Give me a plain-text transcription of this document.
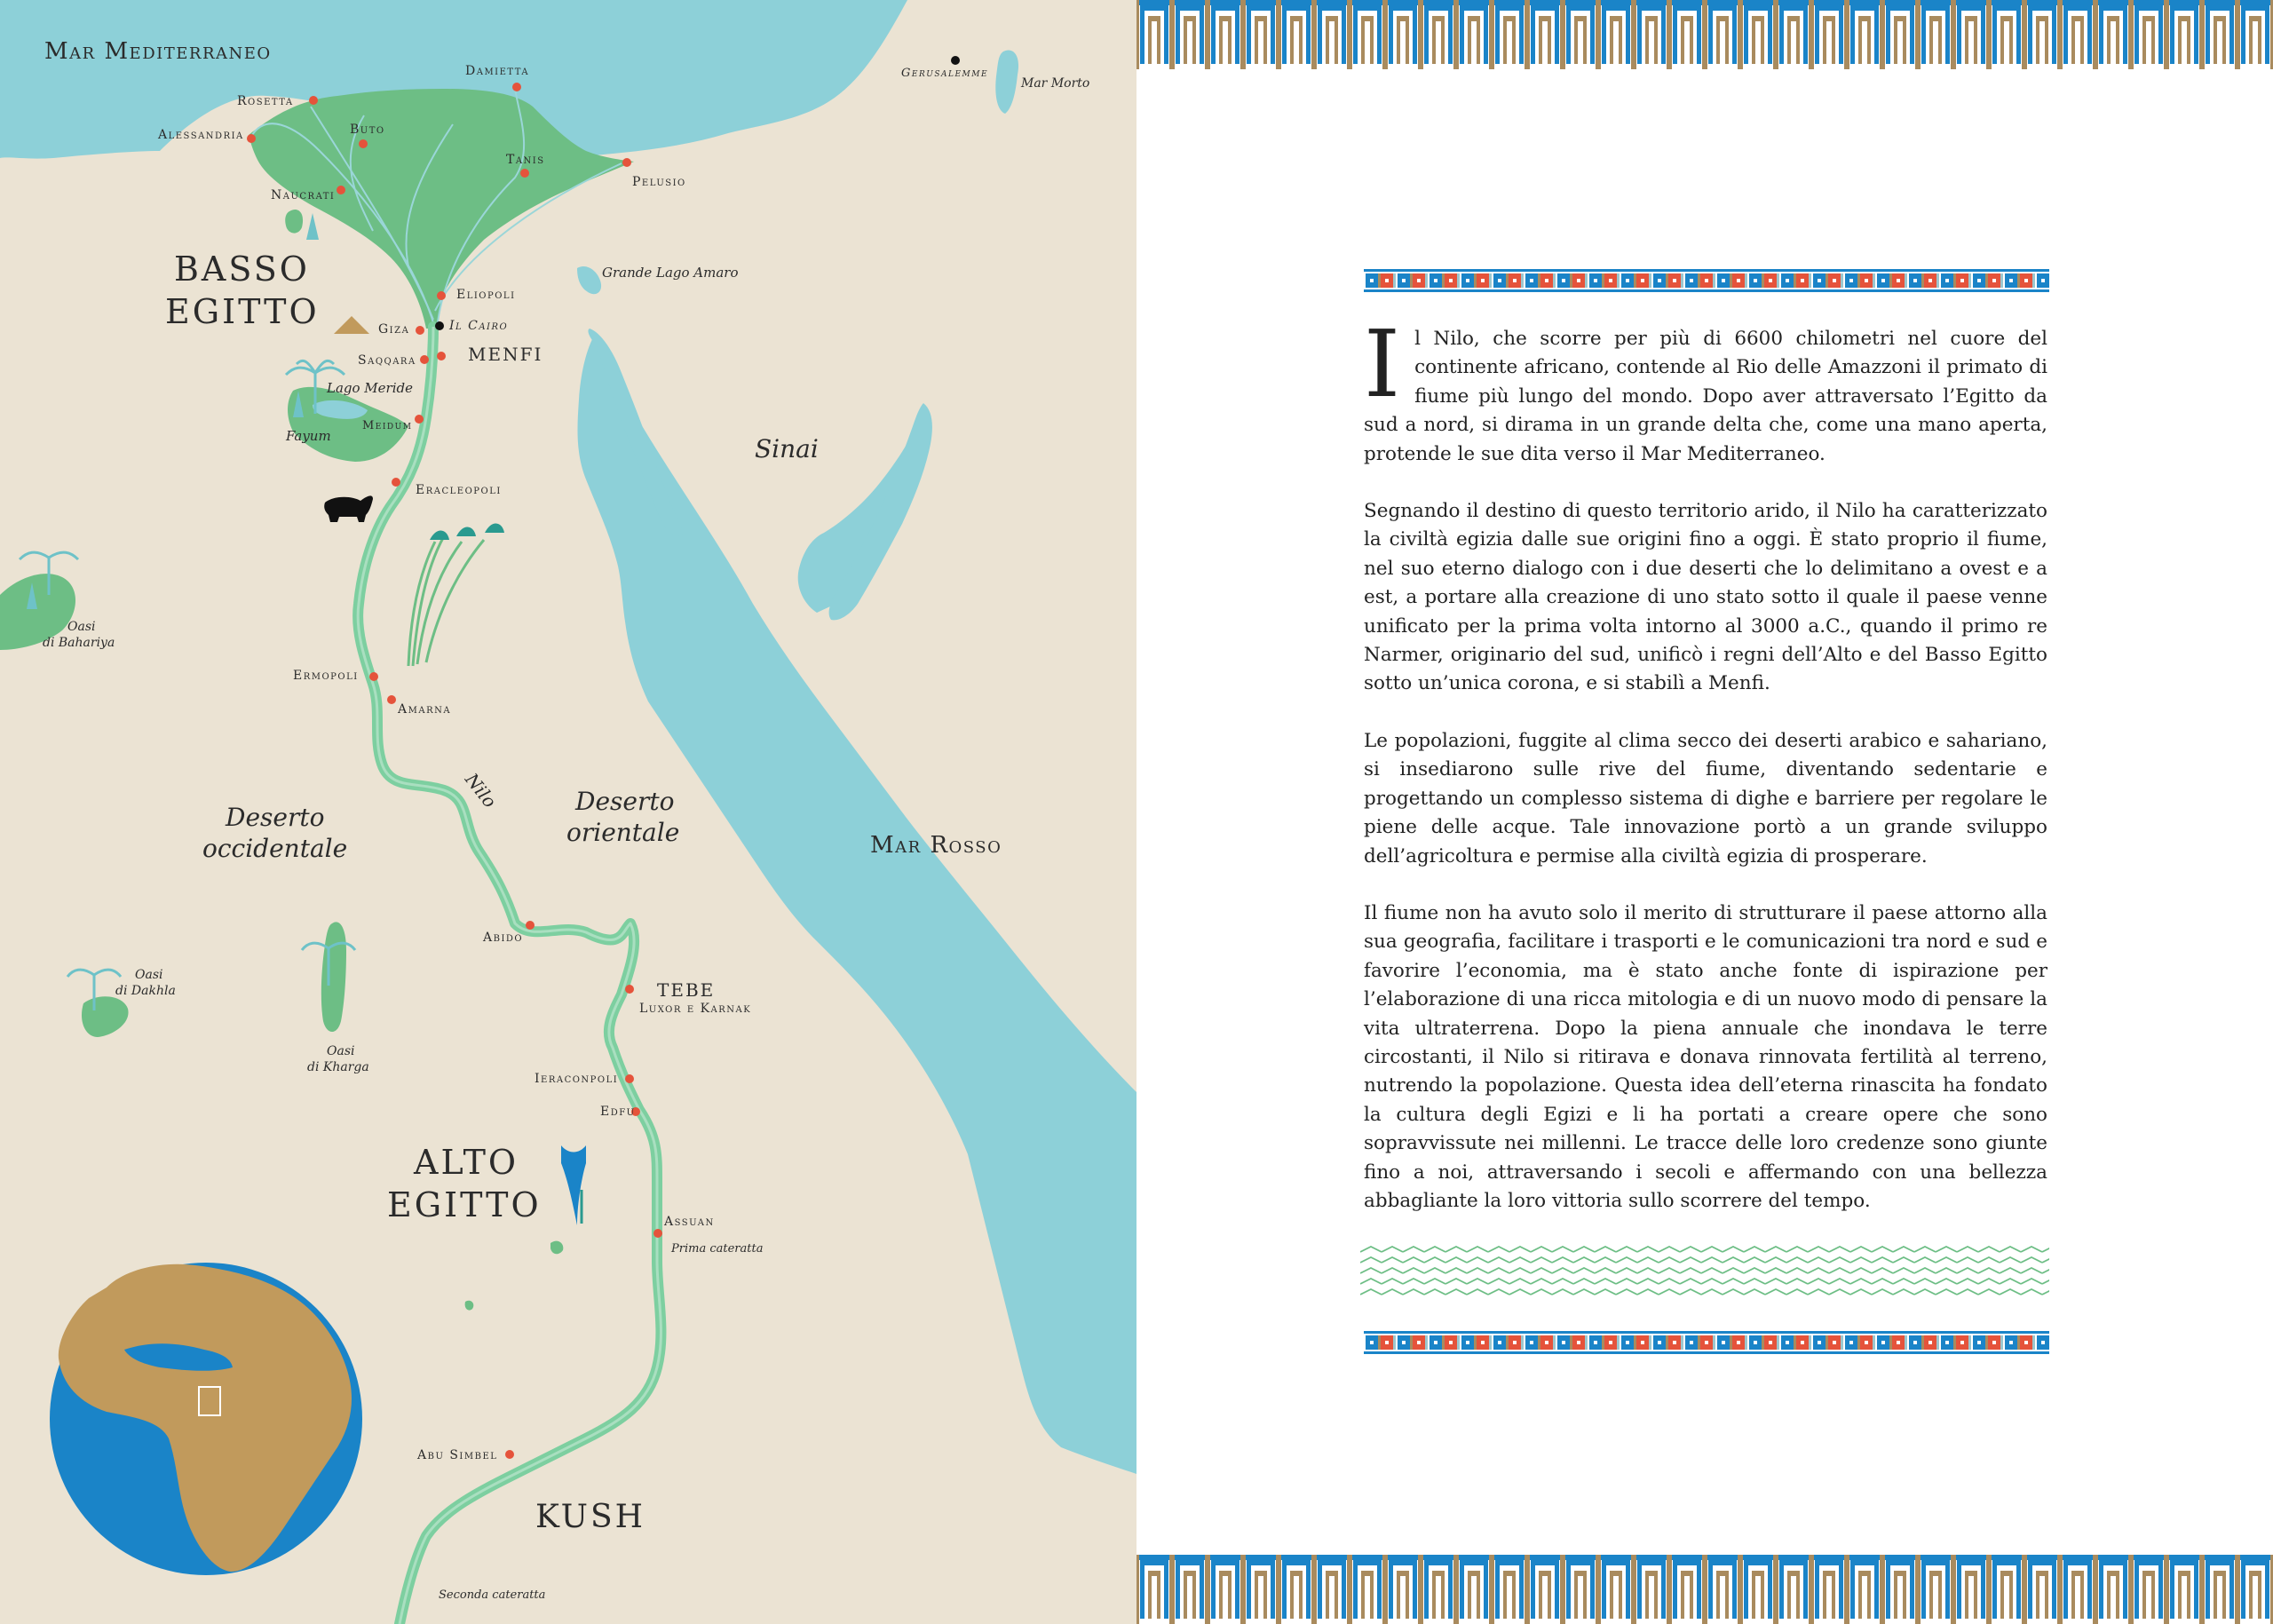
Mar Mediterraneo
Mar Rosso
Mar Morto
Grande Lago Amaro
Lago Meride
BASSO
EGITTO
ALTO
EGITTO
KUSH
Sinai
Deserto
occidentale
Deserto
orientale
Nilo
Rosetta
Alessandria	Buto
Damietta
Tanis
Pelusio
Naucrati
Eliopoli
Giza	Il Cairo
Saqqara	MENFI
Meidum
Fayum
Eracleopoli
Ermopoli
Amarna
Abido
TEBE
Luxor e Karnak
Ieraconpoli
Edfu
Assuan
Prima cateratta
Abu Simbel
Seconda cateratta
Gerusalemme
Oasi
di Bahariya
Oasi
di Dakhla
Oasi
di Kharga

Il Nilo, che scorre per più di 6600 chilometri nel cuore del continente africano, contende al Rio delle Amazzoni il primato di fiume più lungo del mondo. Dopo aver attraversato l’Egitto da sud a nord, si dirama in un grande delta che, come una mano aperta, protende le sue dita verso il Mar Mediterraneo.

Segnando il destino di questo territorio arido, il Nilo ha caratterizzato la civiltà egizia dalle sue origini fino a oggi. È stato proprio il fiume, nel suo eterno dialogo con i due deserti che lo delimitano a ovest e a est, a portare alla creazione di uno stato sotto il quale il paese venne unificato per la prima volta intorno al 3000 a.C., quando il primo re Narmer, originario del sud, unificò i regni dell’Alto e del Basso Egitto sotto un’unica corona, e si stabilì a Menfi.

Le popolazioni, fuggite al clima secco dei deserti arabico e sahariano, si insediarono sulle rive del fiume, diventando sedentarie e progettando un complesso sistema di dighe e barriere per regolare le piene delle acque. Tale innovazione portò a un grande sviluppo dell’agricoltura e permise alla civiltà egizia di prosperare.

Il fiume non ha avuto solo il merito di strutturare il paese attorno alla sua geografia, facilitare i trasporti e le comunicazioni tra nord e sud e favorire l’economia, ma è stato anche fonte di ispirazione per l’elaborazione di una ricca mitologia e di un nuovo modo di pensare la vita ultraterrena. Dopo la piena annuale che inondava le terre circostanti, il Nilo si ritirava e donava rinnovata fertilità al terreno, nutrendo la popolazione. Questa idea dell’eterna rinascita ha fondato la cultura degli Egizi e li ha portati a creare opere che sono sopravvissute nei millenni. Le tracce delle loro credenze sono giunte fino a noi, attraversando i secoli e affermando con una bellezza abbagliante la loro vittoria sullo scorrere del tempo.
